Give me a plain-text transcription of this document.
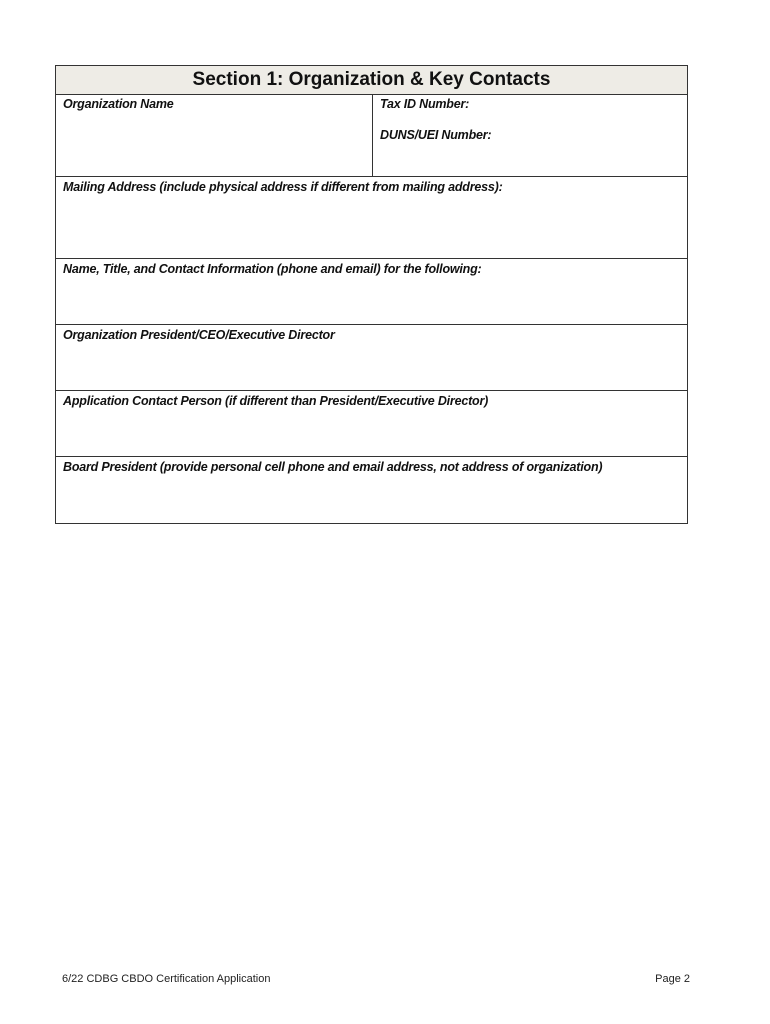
Section 1: Organization & Key Contacts
Organization Name	Tax ID Number:
DUNS/UEI Number:
Mailing Address (include physical address if different from mailing address):
Name, Title, and Contact Information (phone and email) for the following:
Organization President/CEO/Executive Director
Application Contact Person (if different than President/Executive Director)
Board President (provide personal cell phone and email address, not address of organization)
6/22 CDBG CBDO Certification Application	Page 2
